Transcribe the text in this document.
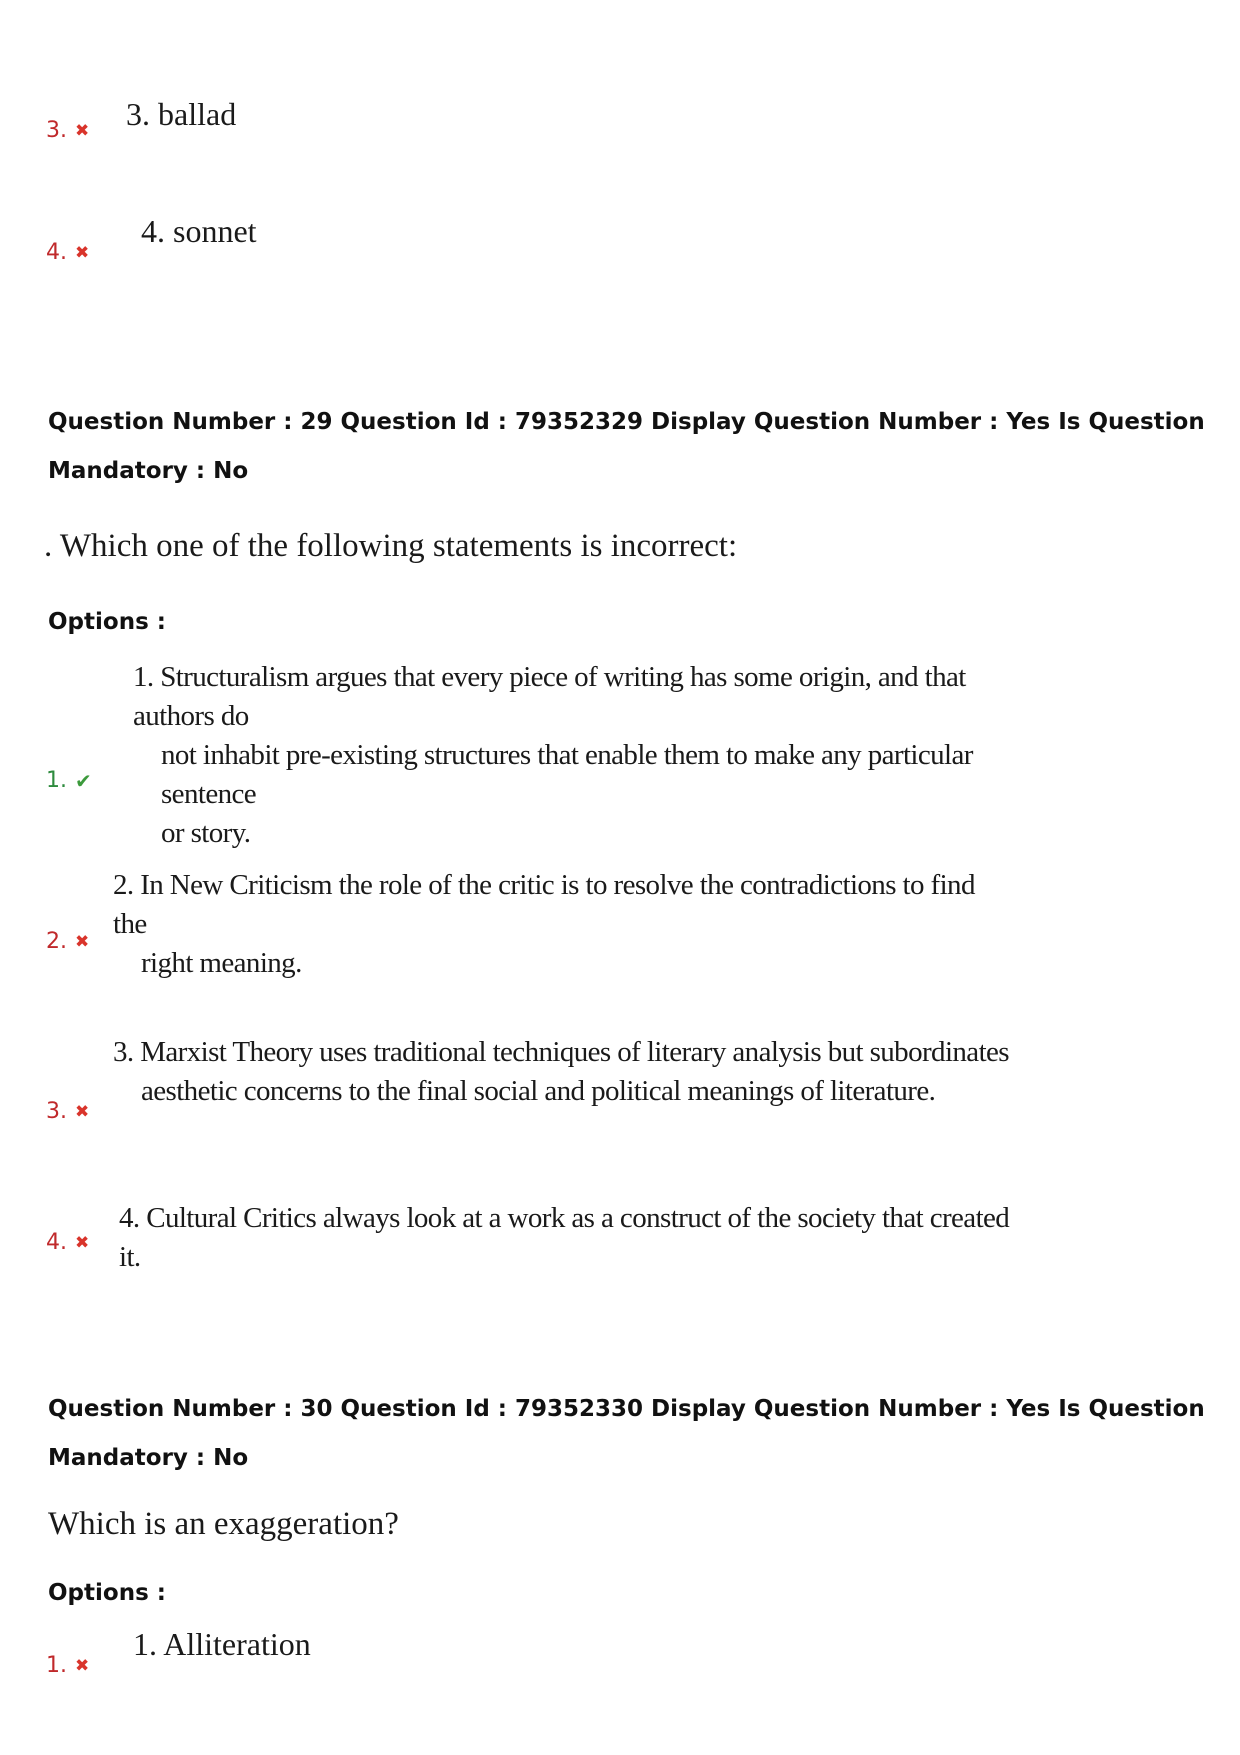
3. ✖ 3. ballad
4. ✖
4. sonnet
Question Number : 29 Question Id : 79352329 Display Question Number : Yes Is Question Mandatory : No
. Which one of the following statements is incorrect:
Options :
1. ✔
1. Structuralism argues that every piece of writing has some origin, and that authors do
not inhabit pre-existing structures that enable them to make any particular sentence
or story.
2. ✖
2. In New Criticism the role of the critic is to resolve the contradictions to find the
right meaning.
3. ✖
3. Marxist Theory uses traditional techniques of literary analysis but subordinates
aesthetic concerns to the final social and political meanings of literature.
4. ✖
4. Cultural Critics always look at a work as a construct of the society that created it.
Question Number : 30 Question Id : 79352330 Display Question Number : Yes Is Question Mandatory : No
Which is an exaggeration?
Options :
1. ✖
1. Alliteration
